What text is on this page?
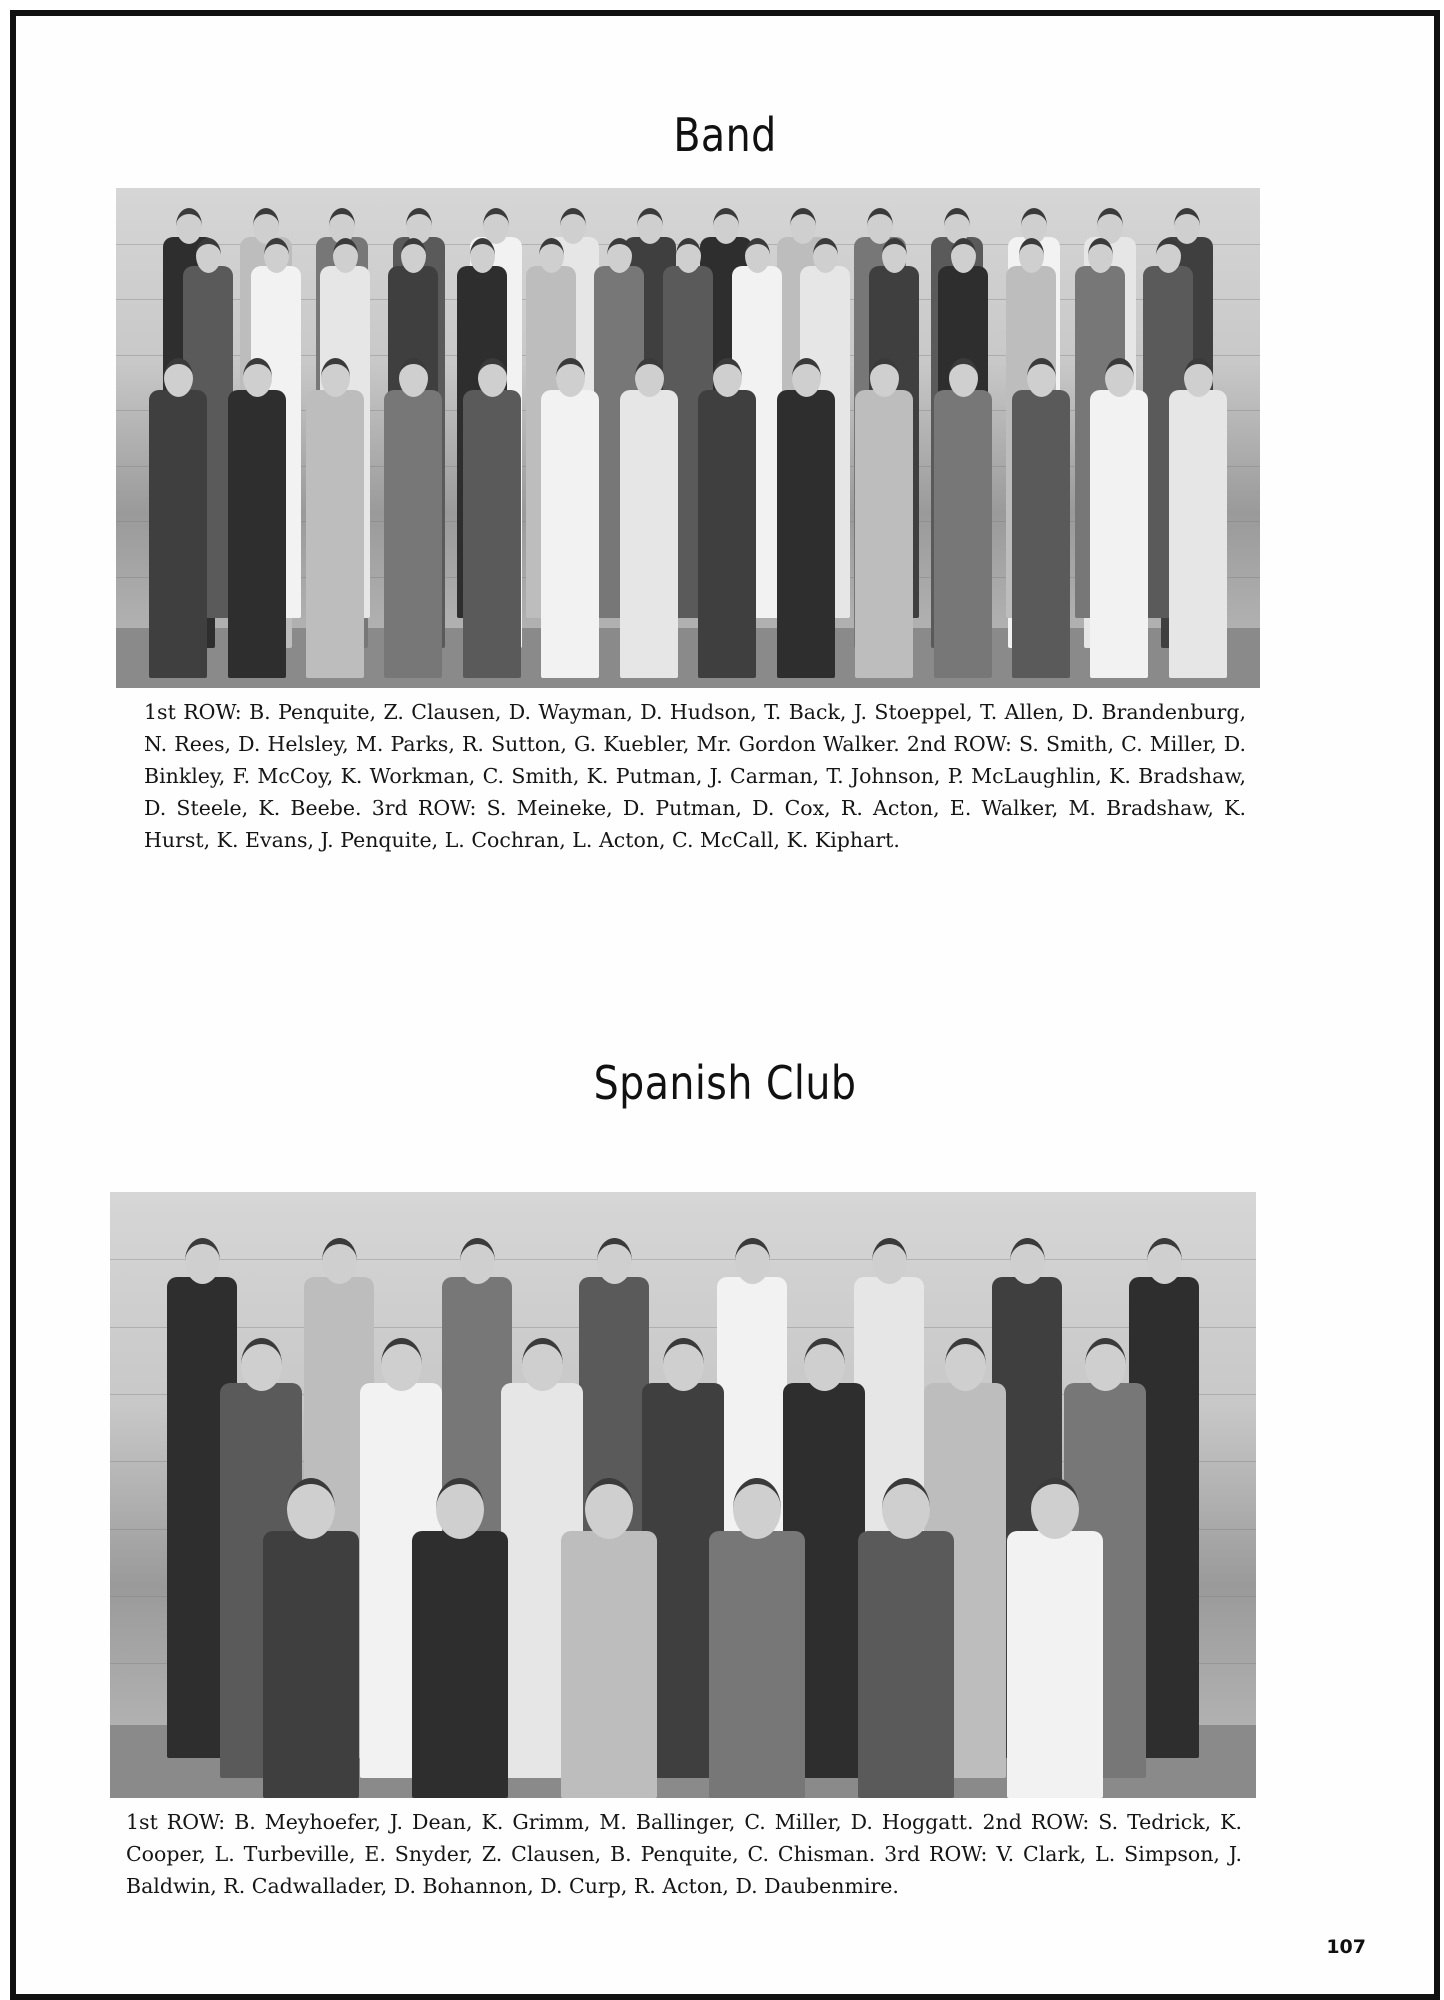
Band

1st ROW: B. Penquite, Z. Clausen, D. Wayman, D. Hudson, T. Back, J. Stoeppel, T. Allen, D. Brandenburg, N. Rees, D. Helsley, M. Parks, R. Sutton, G. Kuebler, Mr. Gordon Walker. 2nd ROW: S. Smith, C. Miller, D. Binkley, F. McCoy, K. Workman, C. Smith, K. Putman, J. Carman, T. Johnson, P. McLaughlin, K. Bradshaw, D. Steele, K. Beebe. 3rd ROW: S. Meineke, D. Putman, D. Cox, R. Acton, E. Walker, M. Bradshaw, K. Hurst, K. Evans, J. Penquite, L. Cochran, L. Acton, C. McCall, K. Kiphart.

Spanish Club

1st ROW: B. Meyhoefer, J. Dean, K. Grimm, M. Ballinger, C. Miller, D. Hoggatt. 2nd ROW: S. Tedrick, K. Cooper, L. Turbeville, E. Snyder, Z. Clausen, B. Penquite, C. Chisman. 3rd ROW: V. Clark, L. Simpson, J. Baldwin, R. Cadwallader, D. Bohannon, D. Curp, R. Acton, D. Daubenmire.

107
